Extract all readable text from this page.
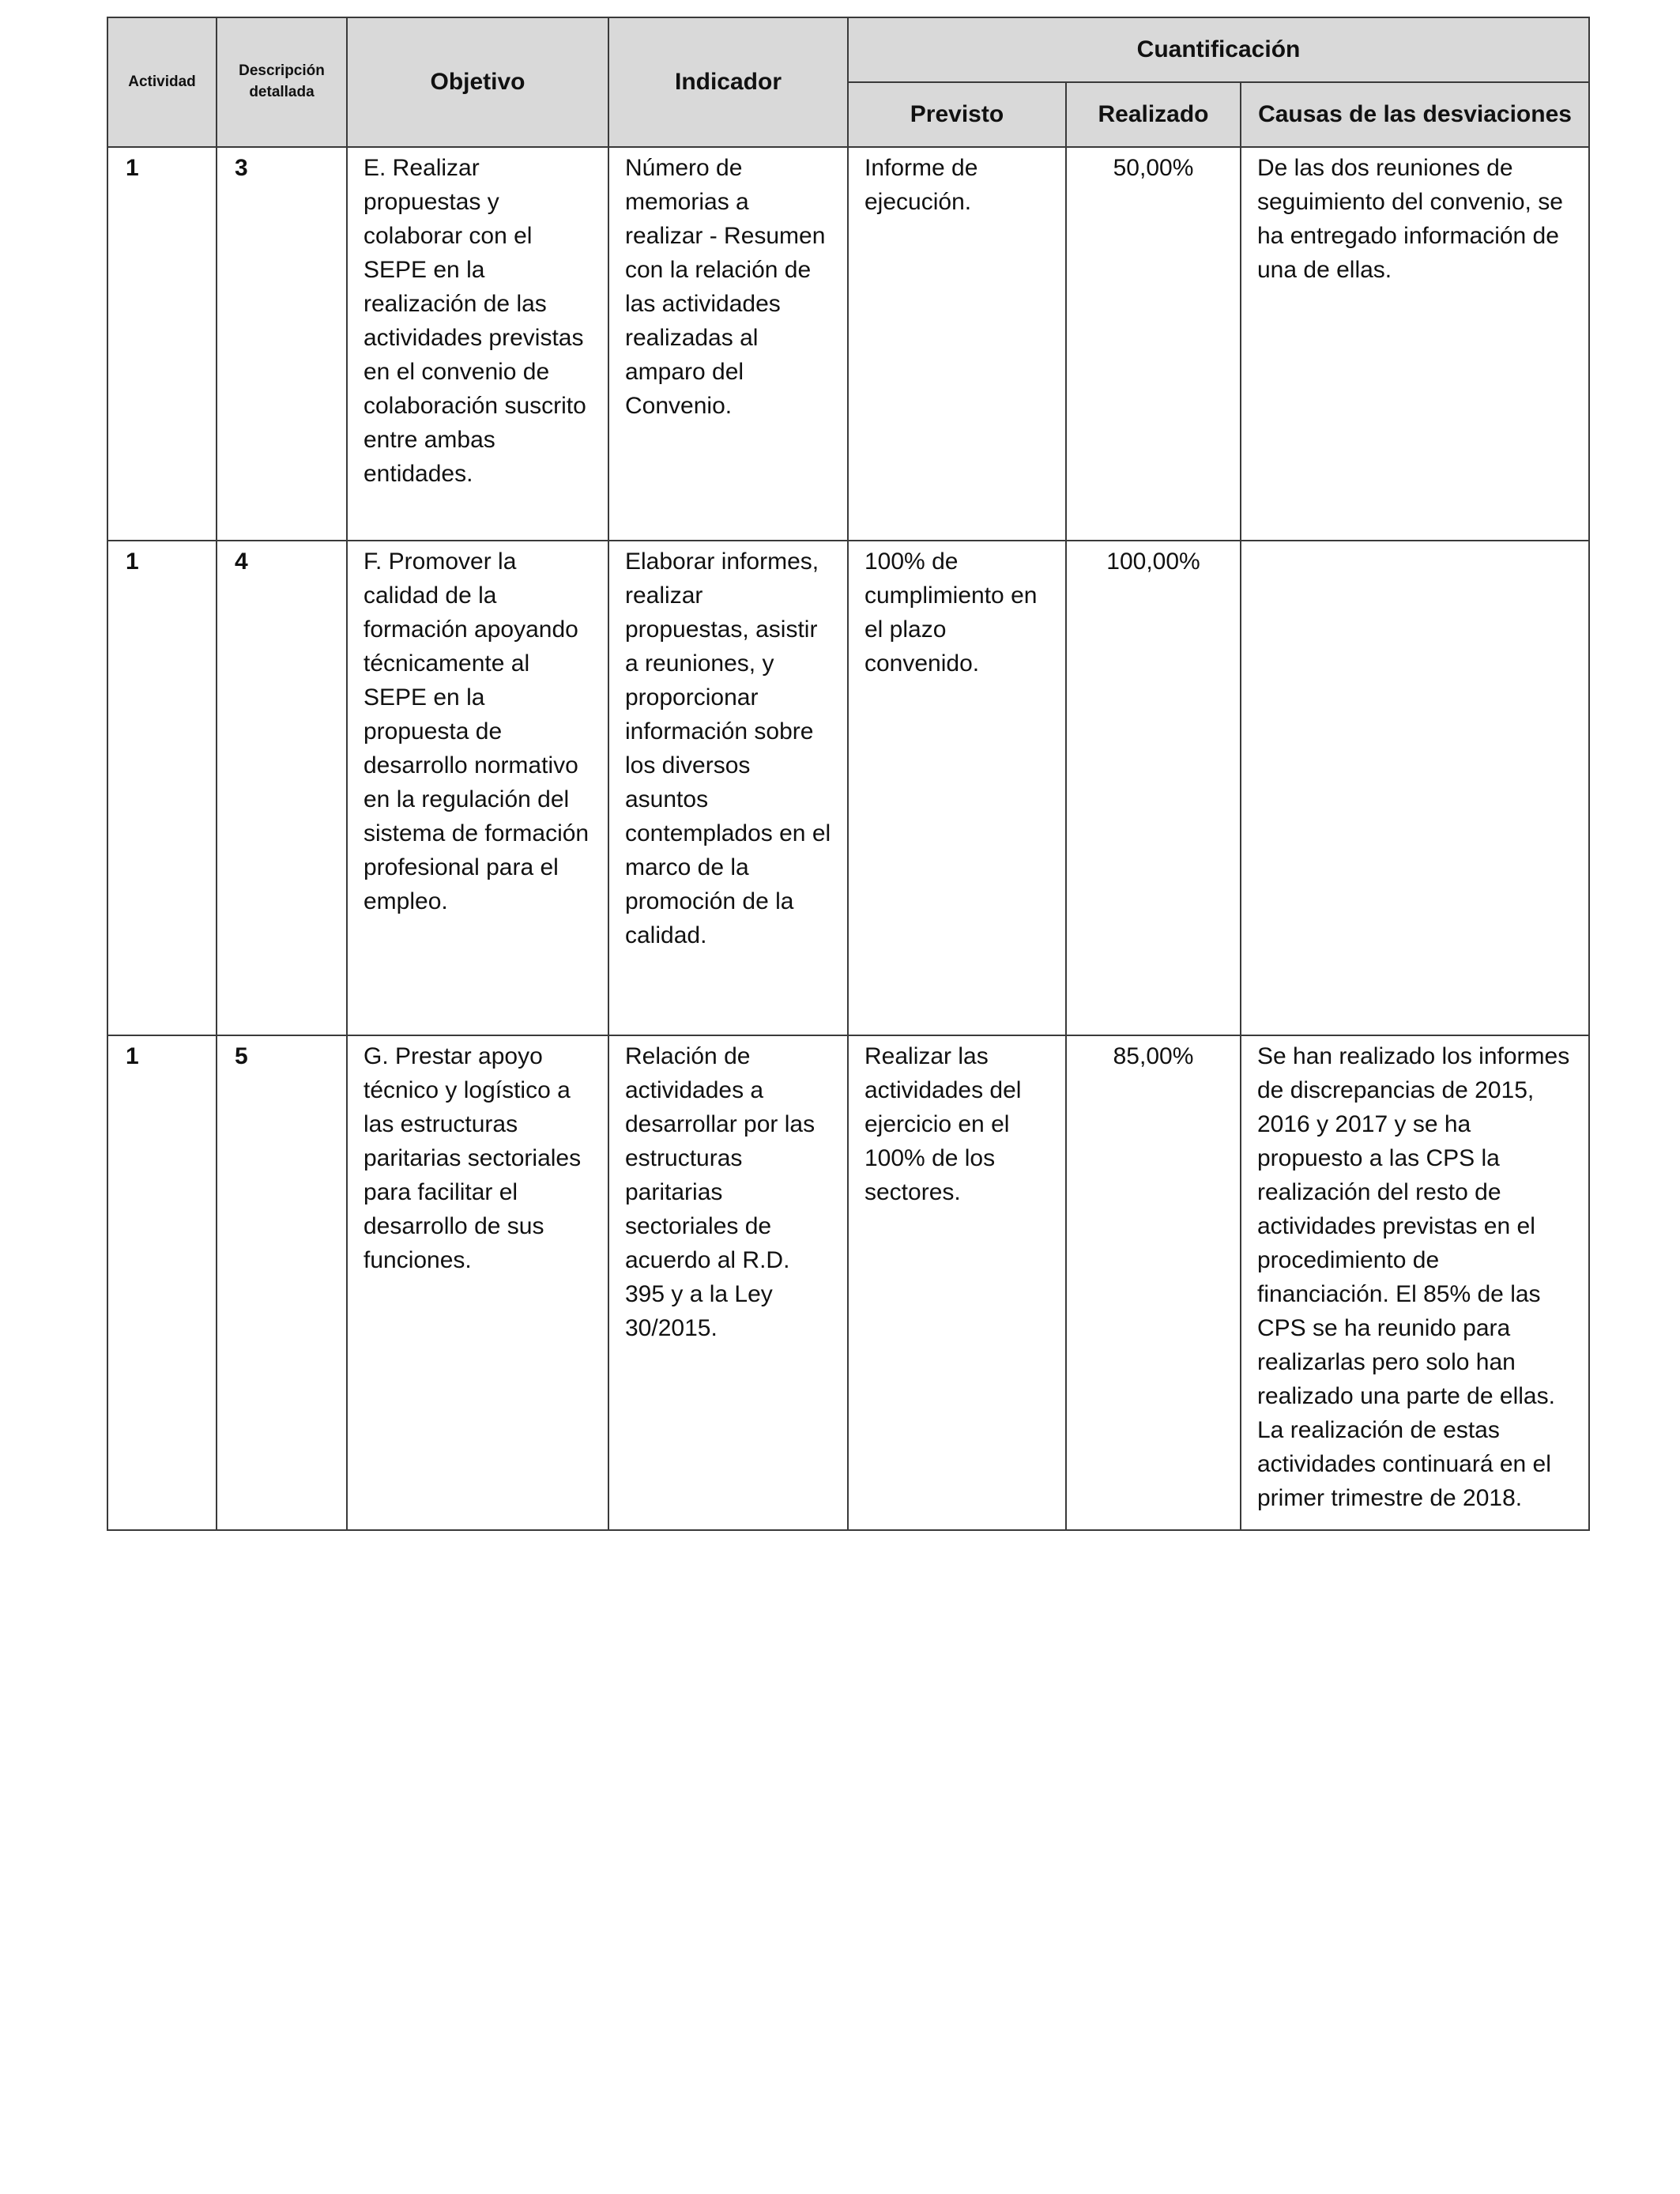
Actividad	Descripción detallada	Objetivo	Indicador	Cuantificación		
				Previsto	Realizado	Causas de las desviaciones
1	3	E. Realizar propuestas y colaborar con el SEPE en la realización de las actividades previstas en el convenio de colaboración suscrito entre ambas entidades.	Número de memorias a realizar - Resumen con la relación de las actividades realizadas al amparo del Convenio.	Informe de ejecución.	50,00%	De las dos reuniones de seguimiento del convenio, se ha entregado información de una de ellas.
1	4	F. Promover la calidad de la formación apoyando técnicamente al SEPE en la propuesta de desarrollo normativo en la regulación del sistema de formación profesional para el empleo.	Elaborar informes, realizar propuestas, asistir a reuniones, y proporcionar información sobre los diversos asuntos contemplados en el marco de la promoción de la calidad.	100% de cumplimiento en el plazo convenido.	100,00%	
1	5	G. Prestar apoyo técnico y logístico a las estructuras paritarias sectoriales para facilitar el desarrollo de sus funciones.	Relación de actividades a desarrollar por las estructuras paritarias sectoriales de acuerdo al R.D. 395 y a la Ley 30/2015.	Realizar las actividades del ejercicio en el 100% de los sectores.	85,00%	Se han realizado los informes de discrepancias de 2015, 2016 y 2017 y se ha propuesto a las CPS la realización del resto de actividades previstas en el procedimiento de financiación. El 85% de las CPS se ha reunido para realizarlas pero solo han realizado una parte de ellas. La realización de estas actividades continuará en el primer trimestre de 2018.
